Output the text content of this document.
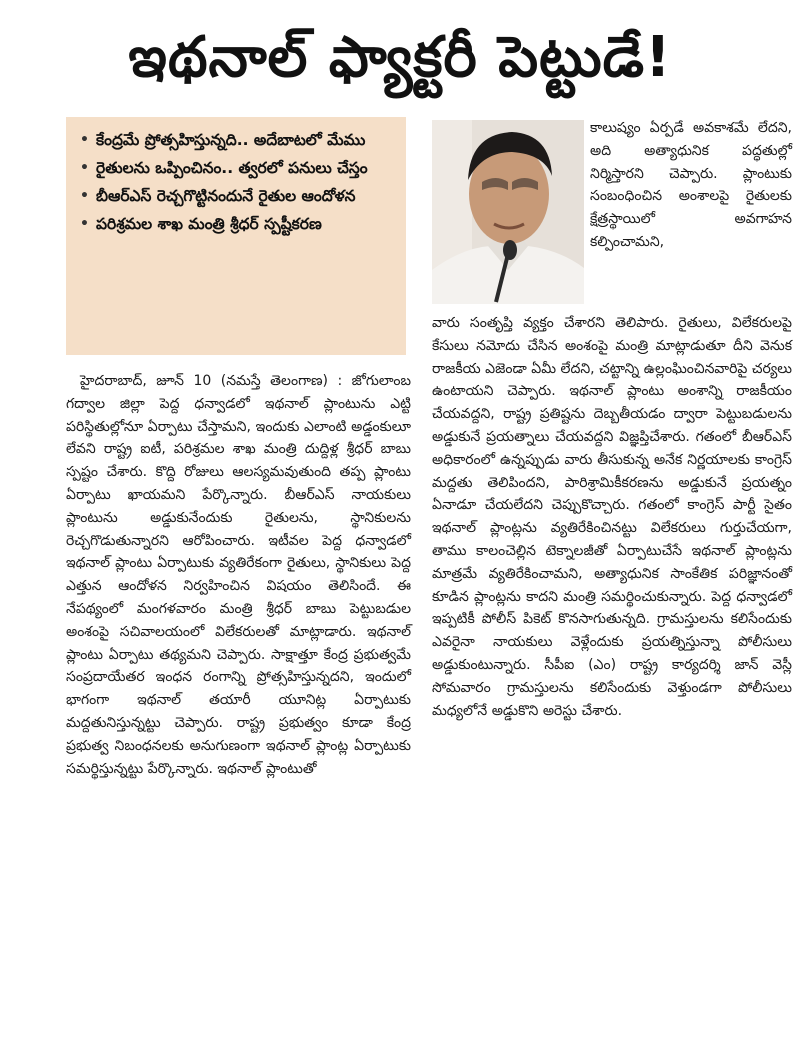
ఇథనాల్ ఫ్యాక్టరీ పెట్టుడే!
• కేంద్రమే ప్రోత్సహిస్తున్నది.. అదేబాటలో మేము
• రైతులను ఒప్పించినం.. త్వరలో పనులు చేస్తం
• బీఆర్ఎస్ రెచ్చగొట్టినందునే రైతుల ఆందోళన
• పరిశ్రమల శాఖ మంత్రి శ్రీధర్ స్పష్టీకరణ

కాలుష్యం ఏర్పడే అవకాశమే లేదని, అది అత్యాధునిక పద్ధతుల్లో నిర్మిస్తారని చెప్పారు. ప్లాంటుకు సంబంధించిన అంశాలపై రైతులకు క్షేత్రస్థాయిలో అవగాహన కల్పించామని,

హైదరాబాద్, జూన్ 10 (నమస్తే తెలంగాణ) : జోగులాంబ గద్వాల జిల్లా పెద్ద ధన్వాడలో ఇథనాల్ ప్లాంటును ఎట్టి పరిస్థితుల్లోనూ ఏర్పాటు చేస్తామని, ఇందుకు ఎలాంటి అడ్డంకులూ లేవని రాష్ట్ర ఐటీ, పరిశ్రమల శాఖ మంత్రి దుద్దిళ్ల శ్రీధర్ బాబు స్పష్టం చేశారు. కొద్ది రోజులు ఆలస్యమవుతుంది తప్ప ప్లాంటు ఏర్పాటు ఖాయమని పేర్కొన్నారు. బీఆర్ఎస్ నాయకులు ప్లాంటును అడ్డుకునేందుకు రైతులను, స్థానికులను రెచ్చగొడుతున్నారని ఆరోపించారు. ఇటీవల పెద్ద ధన్వాడలో ఇథనాల్ ప్లాంటు ఏర్పాటుకు వ్యతిరేకంగా రైతులు, స్థానికులు పెద్ద ఎత్తున ఆందోళన నిర్వహించిన విషయం తెలిసిందే. ఈ నేపథ్యంలో మంగళవారం మంత్రి శ్రీధర్ బాబు పెట్టుబడుల అంశంపై సచివాలయంలో విలేకరులతో మాట్లాడారు. ఇథనాల్ ప్లాంటు ఏర్పాటు తథ్యమని చెప్పారు. సాక్షాత్తూ కేంద్ర ప్రభుత్వమే సంప్రదాయేతర ఇంధన రంగాన్ని ప్రోత్సహిస్తున్నదని, ఇందులో భాగంగా ఇథనాల్ తయారీ యూనిట్ల ఏర్పాటుకు మద్దతునిస్తున్నట్టు చెప్పారు. రాష్ట్ర ప్రభుత్వం కూడా కేంద్ర ప్రభుత్వ నిబంధనలకు అనుగుణంగా ఇథనాల్ ప్లాంట్ల ఏర్పాటుకు సమర్థిస్తున్నట్టు పేర్కొన్నారు. ఇథనాల్ ప్లాంటుతో

వారు సంతృప్తి వ్యక్తం చేశారని తెలిపారు. రైతులు, విలేకరులపై కేసులు నమోదు చేసిన అంశంపై మంత్రి మాట్లాడుతూ దీని వెనుక రాజకీయ ఎజెండా ఏమీ లేదని, చట్టాన్ని ఉల్లంఘించినవారిపై చర్యలు ఉంటాయని చెప్పారు. ఇథనాల్ ప్లాంటు అంశాన్ని రాజకీయం చేయవద్దని, రాష్ట్ర ప్రతిష్టను దెబ్బతీయడం ద్వారా పెట్టుబడులను అడ్డుకునే ప్రయత్నాలు చేయవద్దని విజ్ఞప్తిచేశారు. గతంలో బీఆర్ఎస్ అధికారంలో ఉన్నప్పుడు వారు తీసుకున్న అనేక నిర్ణయాలకు కాంగ్రెస్ మద్దతు తెలిపిందని, పారిశ్రామికీకరణను అడ్డుకునే ప్రయత్నం ఏనాడూ చేయలేదని చెప్పుకొచ్చారు. గతంలో కాంగ్రెస్ పార్టీ సైతం ఇథనాల్ ప్లాంట్లను వ్యతిరేకించినట్టు విలేకరులు గుర్తుచేయగా, తాము కాలంచెల్లిన టెక్నాలజీతో ఏర్పాటుచేసే ఇథనాల్ ప్లాంట్లను మాత్రమే వ్యతిరేకించామని, అత్యాధునిక సాంకేతిక పరిజ్ఞానంతో కూడిన ప్లాంట్లను కాదని మంత్రి సమర్థించుకున్నారు. పెద్ద ధన్వాడలో ఇప్పటికీ పోలీస్ పికెట్ కొనసాగుతున్నది. గ్రామస్తులను కలిసేందుకు ఎవరైనా నాయకులు వెళ్లేందుకు ప్రయత్నిస్తున్నా పోలీసులు అడ్డుకుంటున్నారు. సీపీఐ (ఎం) రాష్ట్ర కార్యదర్శి జాన్ వెస్లీ సోమవారం గ్రామస్తులను కలిసేందుకు వెళ్తుండగా పోలీసులు మధ్యలోనే అడ్డుకొని అరెస్టు చేశారు.
